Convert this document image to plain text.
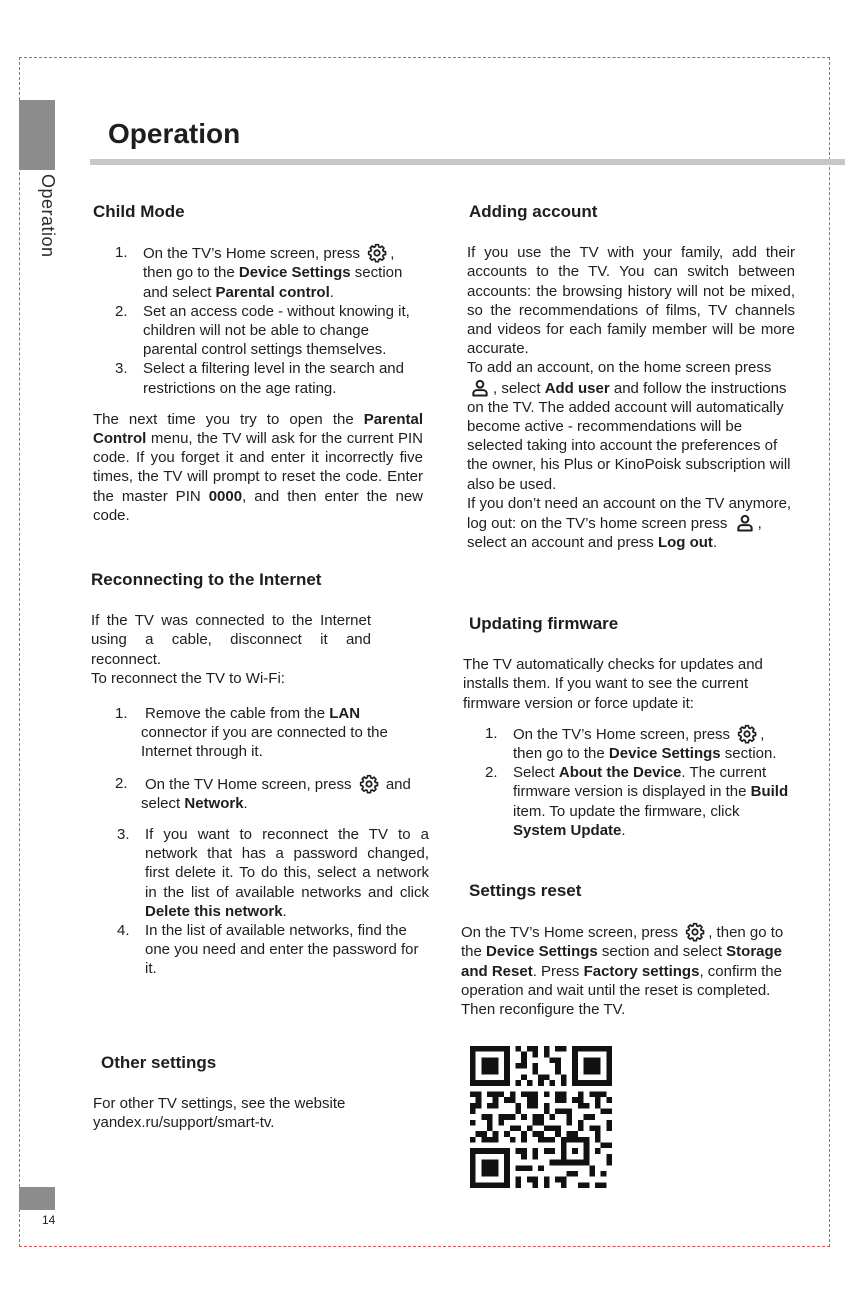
Operation
Operation
14
Child Mode
1. On the TV’s Home screen, press
, then go to the Device Settings section and select Parental control.
2. Set an access code - without knowing it, children will not be able to change parental control settings themselves.
3. Select a filtering level in the search and restrictions on the age rating.

The next time you try to open the Parental Control menu, the TV will ask for the current PIN code. If you forget it and enter it incorrectly five times, the TV will prompt to reset the code. Enter the master PIN 0000, and then enter the new code.

Reconnecting to the Internet

If the TV was connected to the Internet using a cable, disconnect it and reconnect.

To reconnect the TV to Wi-Fi:

1. Remove the cable from the LAN connector if you are connected to the Internet through it.
2. On the TV Home screen, press
and select Network.
3. If you want to reconnect the TV to a network that has a password changed, first delete it. To do this, select a network in the list of available networks and click Delete this network.
4. In the list of available networks, find the one you need and enter the password for it.
Other settings

For other TV settings, see the website yandex.ru/support/smart-tv.

Adding account

If you use the TV with your family, add their accounts to the TV. You can switch between accounts: the browsing history will not be mixed, so the recommendations of films, TV channels and videos for each family member will be more accurate.

To add an account, on the home screen press
, select Add user and follow the instructions on the TV. The added account will automatically become active - recommendations will be selected taking into account the preferences of the owner, his Plus or KinoPoisk subscription will also be used.

If you don’t need an account on the TV anymore, log out: on the TV’s home screen press
, select an account and press Log out.

Updating firmware

The TV automatically checks for updates and installs them. If you want to see the current firmware version or force update it:

1. On the TV’s Home screen, press
, then go to the Device Settings section.
2. Select About the Device. The current firmware version is displayed in the Build item. To update the firmware, click System Update.
Settings reset

On the TV’s Home screen, press
, then go to the Device Settings section and select Storage and Reset. Press Factory settings, confirm the operation and wait until the reset is completed. Then reconfigure the TV.
